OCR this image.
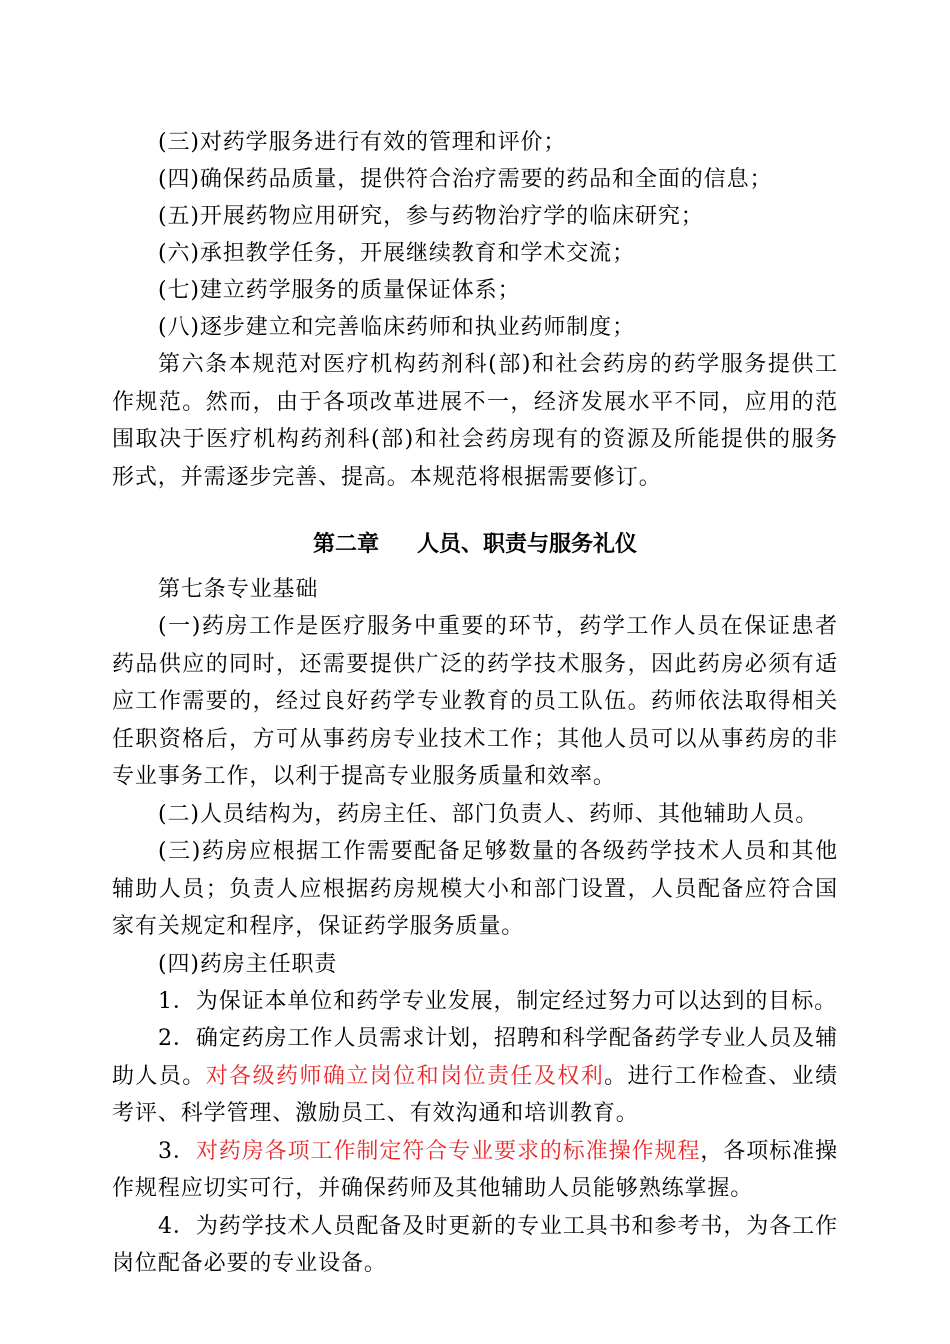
(三)对药学服务进行有效的管理和评价；
(四)确保药品质量，提供符合治疗需要的药品和全面的信息；
(五)开展药物应用研究，参与药物治疗学的临床研究；
(六)承担教学任务，开展继续教育和学术交流；
(七)建立药学服务的质量保证体系；
(八)逐步建立和完善临床药师和执业药师制度；
第六条本规范对医疗机构药剂科(部)和社会药房的药学服务提供工作规范。然而，由于各项改革进展不一，经济发展水平不同，应用的范围取决于医疗机构药剂科(部)和社会药房现有的资源及所能提供的服务形式，并需逐步完善、提高。本规范将根据需要修订。
第二章 人员、职责与服务礼仪
第七条专业基础
(一)药房工作是医疗服务中重要的环节，药学工作人员在保证患者药品供应的同时，还需要提供广泛的药学技术服务，因此药房必须有适应工作需要的，经过良好药学专业教育的员工队伍。药师依法取得相关任职资格后，方可从事药房专业技术工作；其他人员可以从事药房的非专业事务工作，以利于提高专业服务质量和效率。
(二)人员结构为，药房主任、部门负责人、药师、其他辅助人员。
(三)药房应根据工作需要配备足够数量的各级药学技术人员和其他辅助人员；负责人应根据药房规模大小和部门设置，人员配备应符合国家有关规定和程序，保证药学服务质量。
(四)药房主任职责
1．为保证本单位和药学专业发展，制定经过努力可以达到的目标。
2．确定药房工作人员需求计划，招聘和科学配备药学专业人员及辅助人员。对各级药师确立岗位和岗位责任及权利。进行工作检查、业绩考评、科学管理、激励员工、有效沟通和培训教育。
3．对药房各项工作制定符合专业要求的标准操作规程，各项标准操作规程应切实可行，并确保药师及其他辅助人员能够熟练掌握。
4．为药学技术人员配备及时更新的专业工具书和参考书，为各工作岗位配备必要的专业设备。
